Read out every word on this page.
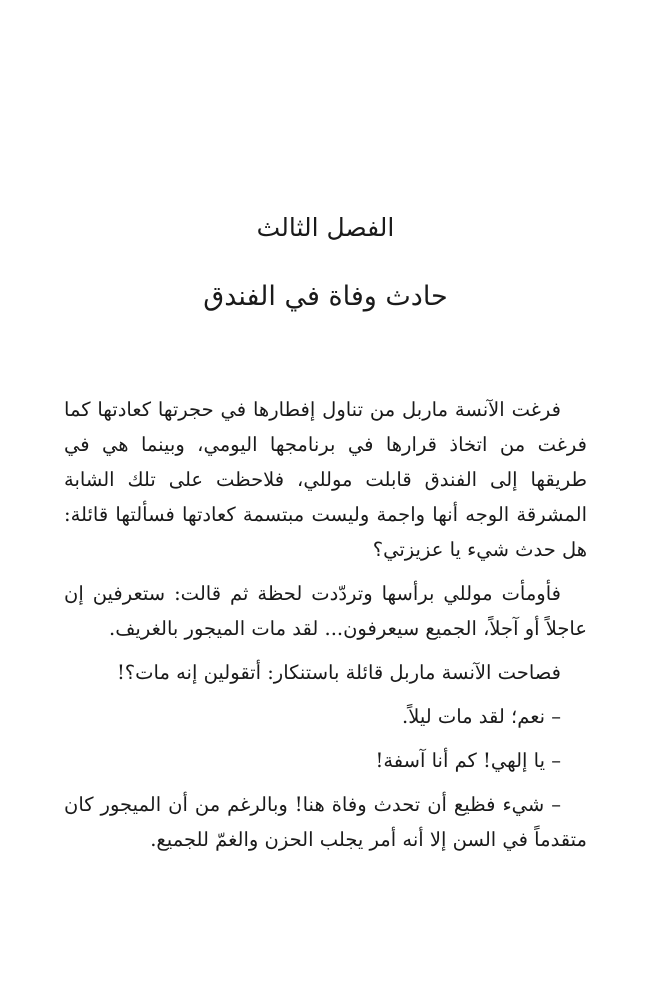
الفصل الثالث
حادث وفاة في الفندق

فرغت الآنسة ماربل من تناول إفطارها في حجرتها كعادتها كما فرغت من اتخاذ قرارها في برنامجها اليومي، وبينما هي في طريقها إلى الفندق قابلت موللي، فلاحظت على تلك الشابة المشرقة الوجه أنها واجمة وليست مبتسمة كعادتها فسألتها قائلة: هل حدث شيء يا عزيزتي؟

فأومأت موللي برأسها وتردّدت لحظة ثم قالت: ستعرفين إن عاجلاً أو آجلاً، الجميع سيعرفون... لقد مات الميجور بالغريف.

فصاحت الآنسة ماربل قائلة باستنكار: أتقولين إنه مات؟!

– نعم؛ لقد مات ليلاً.

– يا إلهي! كم أنا آسفة!

– شيء فظيع أن تحدث وفاة هنا! وبالرغم من أن الميجور كان متقدماً في السن إلا أنه أمر يجلب الحزن والغمّ للجميع.
